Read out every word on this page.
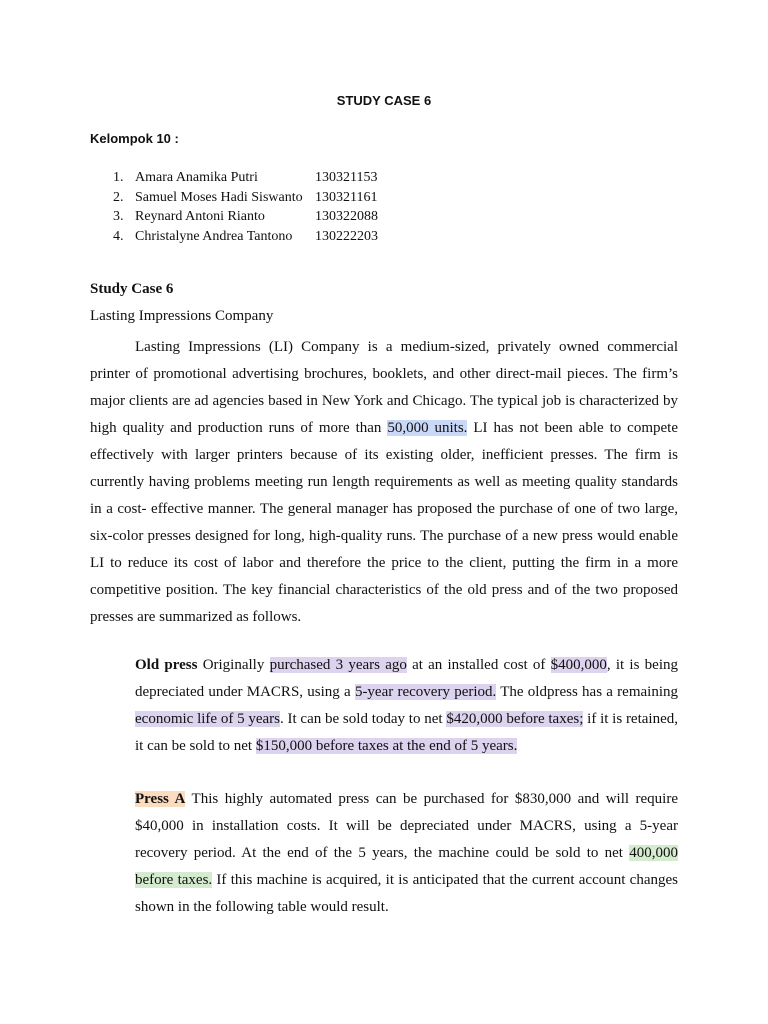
STUDY CASE 6
Kelompok 10 :
1. Amara Anamika Putri	130321153
2. Samuel Moses Hadi Siswanto 130321161
3. Reynard Antoni Rianto	130322088
4. Christalyne Andrea Tantono	130222203
Study Case 6
Lasting Impressions Company

Lasting Impressions (LI) Company is a medium-sized, privately owned commercial printer of promotional advertising brochures, booklets, and other direct-mail pieces. The firm’s major clients are ad agencies based in New York and Chicago. The typical job is characterized by high quality and production runs of more than 50,000 units. LI has not been able to compete effectively with larger printers because of its existing older, inefficient presses. The firm is currently having problems meeting run length requirements as well as meeting quality standards in a cost- effective manner. The general manager has proposed the purchase of one of two large, six-color presses designed for long, high-quality runs. The purchase of a new press would enable LI to reduce its cost of labor and therefore the price to the client, putting the firm in a more competitive position. The key financial characteristics of the old press and of the two proposed presses are summarized as follows.

Old press Originally purchased 3 years ago at an installed cost of $400,000, it is being depreciated under MACRS, using a 5-year recovery period. The oldpress has a remaining economic life of 5 years. It can be sold today to net $420,000 before taxes; if it is retained, it can be sold to net $150,000 before taxes at the end of 5 years.

Press A This highly automated press can be purchased for $830,000 and will require $40,000 in installation costs. It will be depreciated under MACRS, using a 5-year recovery period. At the end of the 5 years, the machine could be sold to net 400,000 before taxes. If this machine is acquired, it is anticipated that the current account changes shown in the following table would result.
